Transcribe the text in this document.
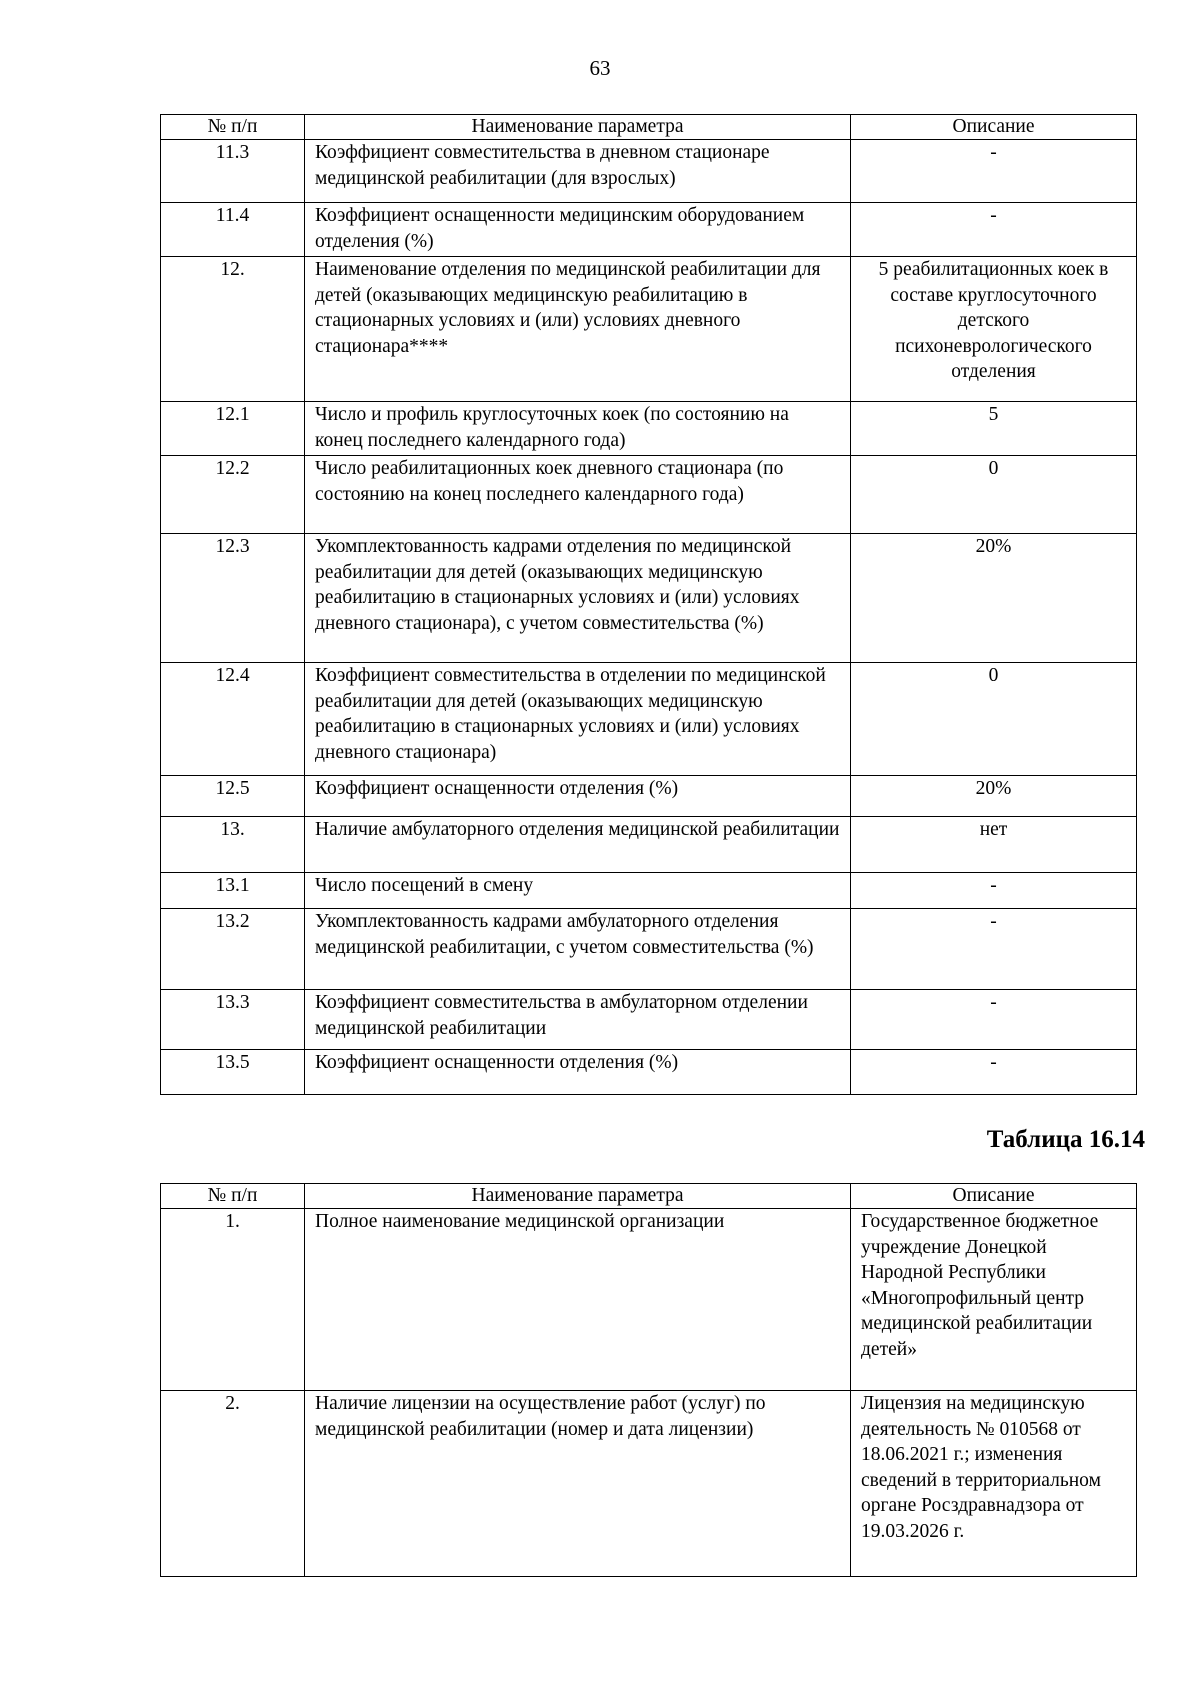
63
№ п/п	Наименование параметра	Описание
11.3	Коэффициент совместительства в дневном стационаре медицинской реабилитации (для взрослых)	-
11.4	Коэффициент оснащенности медицинским оборудованием отделения (%)	-
12.	Наименование отделения по медицинской реабилитации для детей (оказывающих медицинскую реабилитацию в стационарных условиях и (или) условиях дневного стационара****	5 реабилитационных коек в составе круглосуточного детского психоневрологического отделения
12.1	Число и профиль круглосуточных коек (по состоянию на конец последнего календарного года)	5
12.2	Число реабилитационных коек дневного стационара (по состоянию на конец последнего календарного года)	0
12.3	Укомплектованность кадрами отделения по медицинской реабилитации для детей (оказывающих медицинскую реабилитацию в стационарных условиях и (или) условиях дневного стационара), с учетом совместительства (%)	20%
12.4	Коэффициент совместительства в отделении по медицинской реабилитации для детей (оказывающих медицинскую реабилитацию в стационарных условиях и (или) условиях дневного стационара)	0
12.5	Коэффициент оснащенности отделения (%)	20%
13.	Наличие амбулаторного отделения медицинской реабилитации	нет
13.1	Число посещений в смену	-
13.2	Укомплектованность кадрами амбулаторного отделения медицинской реабилитации, с учетом совместительства (%)	-
13.3	Коэффициент совместительства в амбулаторном отделении медицинской реабилитации	-
13.5	Коэффициент оснащенности отделения (%)	-
Таблица 16.14
№ п/п	Наименование параметра	Описание
1.	Полное наименование медицинской организации	Государственное бюджетное учреждение Донецкой Народной Республики «Многопрофильный центр медицинской реабилитации детей»
2.	Наличие лицензии на осуществление работ (услуг) по медицинской реабилитации (номер и дата лицензии)	Лицензия на медицинскую деятельность № 010568 от 18.06.2021 г.; изменения сведений в территориальном органе Росздравнадзора от 19.03.2026 г.
